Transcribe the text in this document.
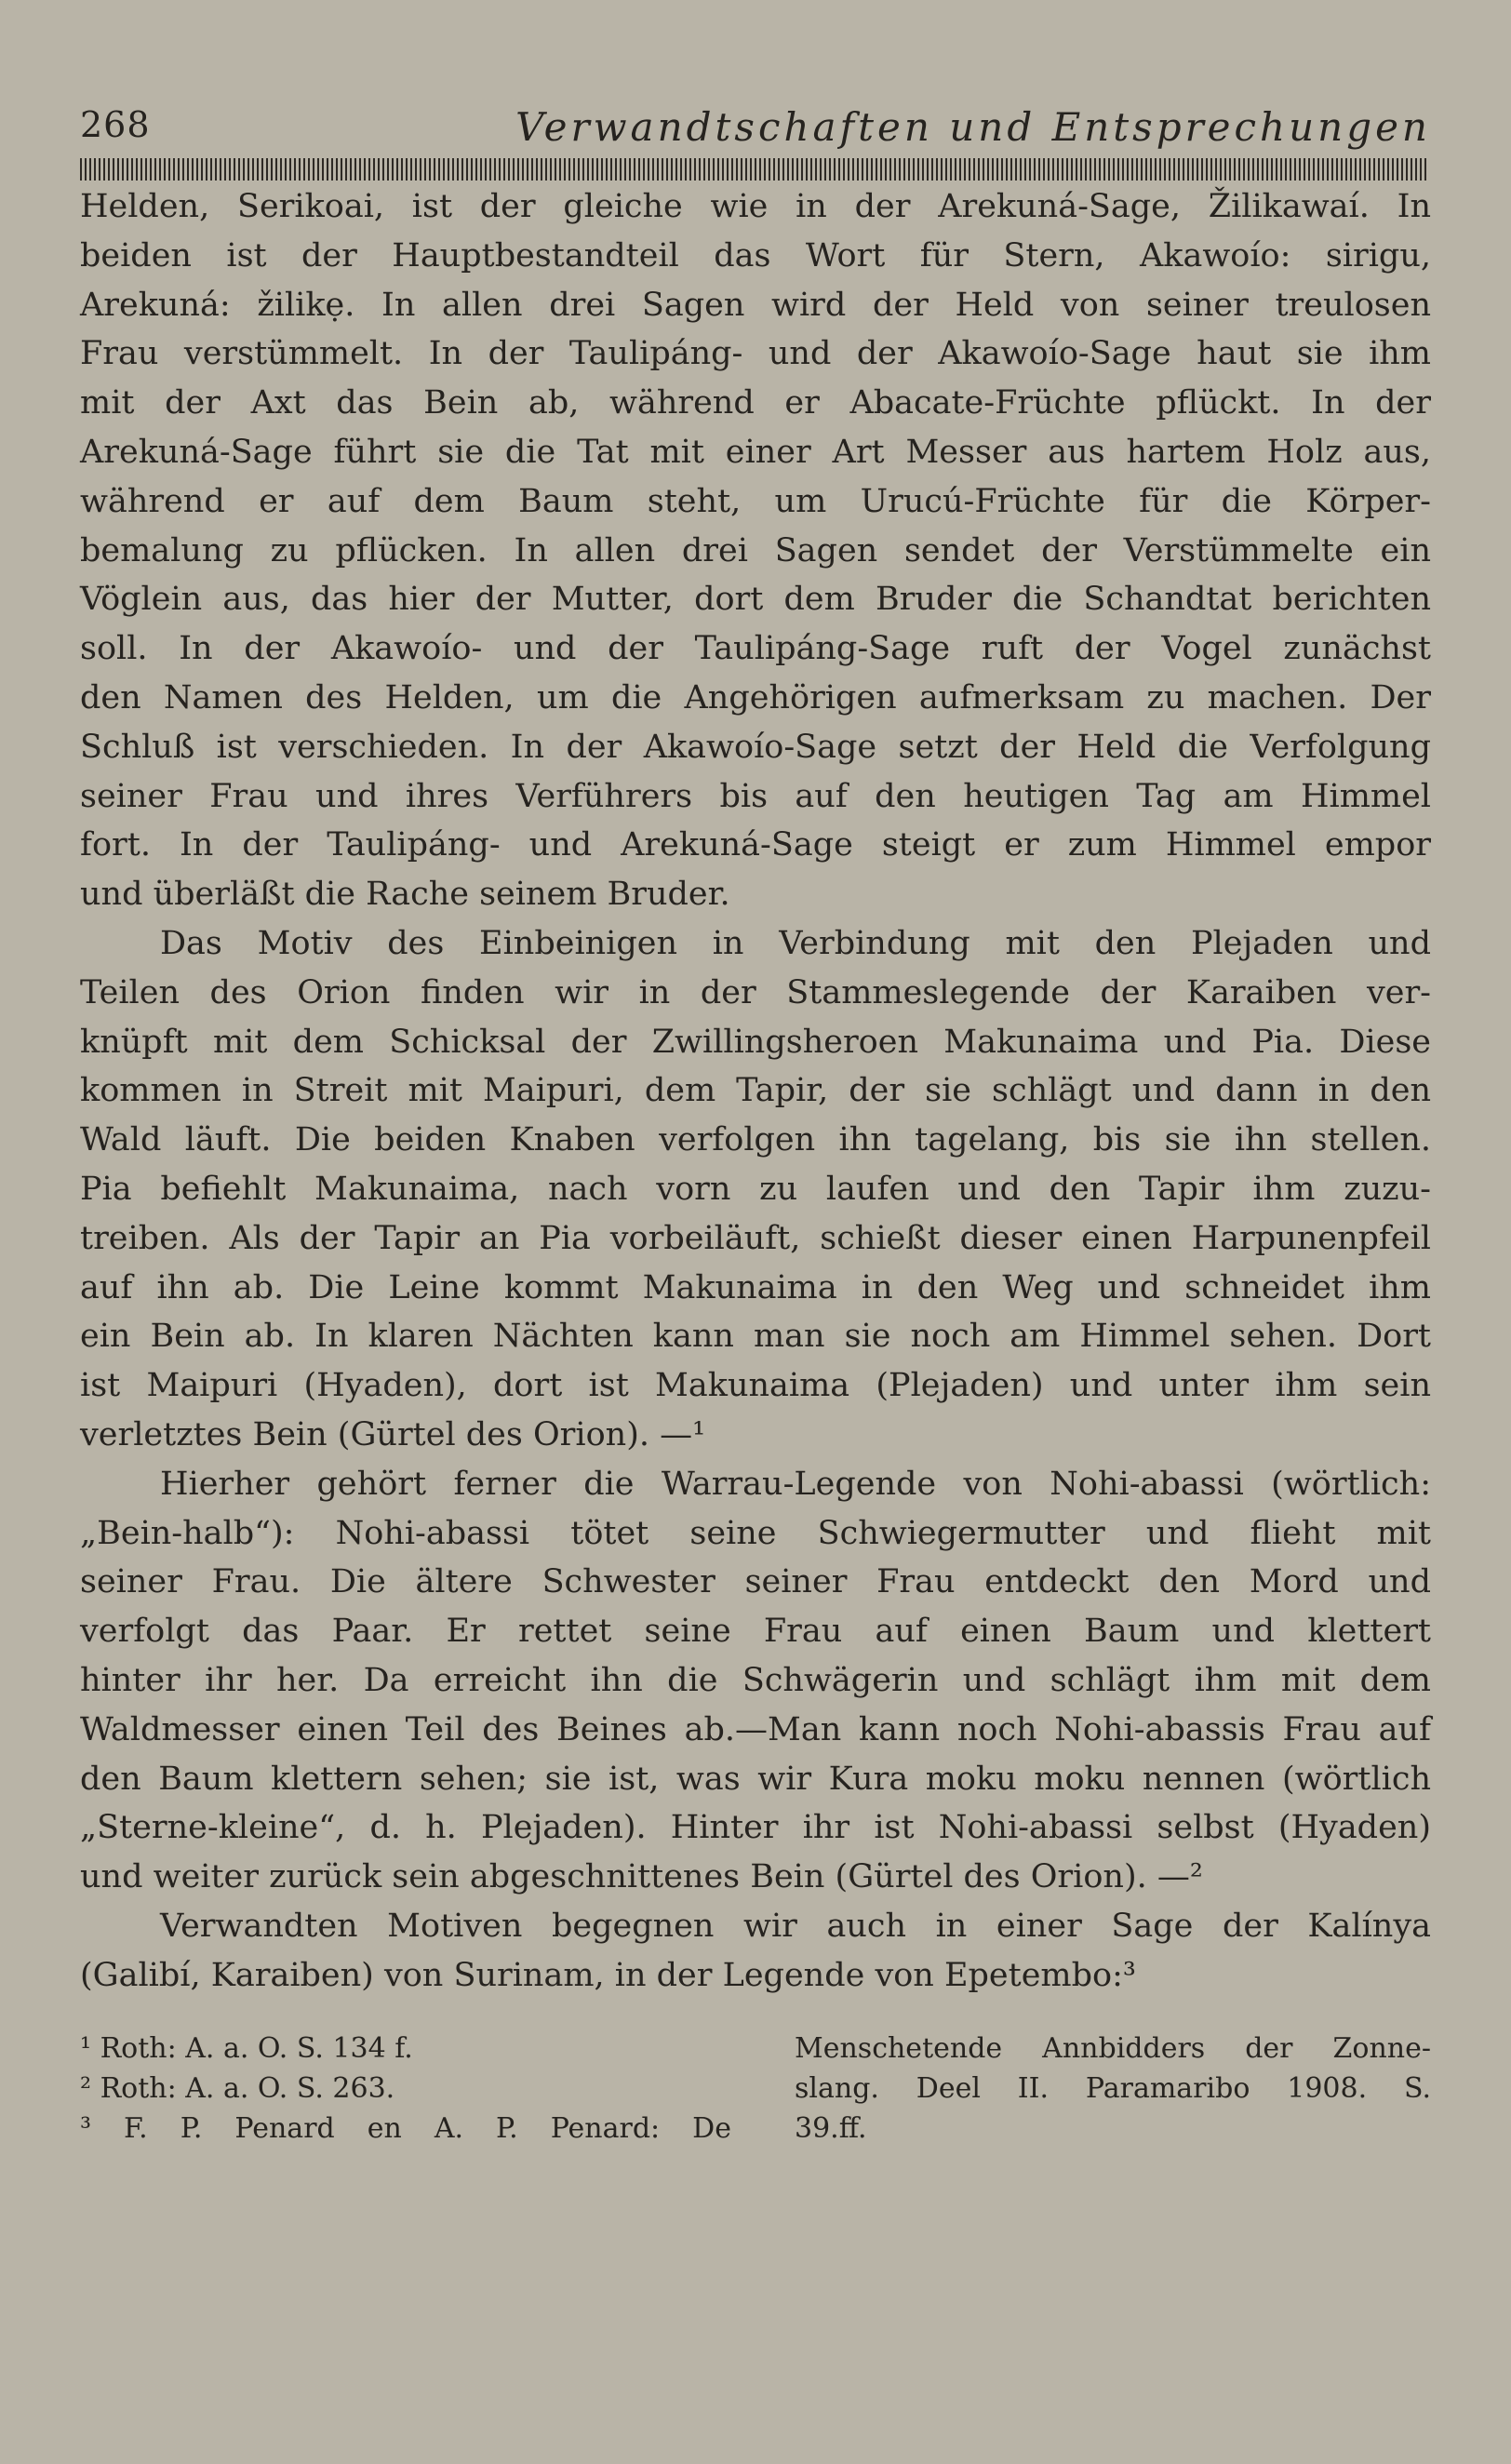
268	Verwandtschaften und Entsprechungen
Helden, Serikoai, ist der gleiche wie in der Arekuná-Sage, Žilikawaí. In
beiden ist der Hauptbestandteil das Wort für Stern, Akawoío: sirigu,
Arekuná: žilikẹ. In allen drei Sagen wird der Held von seiner treulosen
Frau verstümmelt. In der Taulipáng- und der Akawoío-Sage haut sie ihm
mit der Axt das Bein ab, während er Abacate-Früchte pflückt. In der
Arekuná-Sage führt sie die Tat mit einer Art Messer aus hartem Holz aus,
während er auf dem Baum steht, um Urucú-Früchte für die Körper-
bemalung zu pflücken. In allen drei Sagen sendet der Verstümmelte ein
Vöglein aus, das hier der Mutter, dort dem Bruder die Schandtat berichten
soll. In der Akawoío- und der Taulipáng-Sage ruft der Vogel zunächst
den Namen des Helden, um die Angehörigen aufmerksam zu machen. Der
Schluß ist verschieden. In der Akawoío-Sage setzt der Held die Verfolgung
seiner Frau und ihres Verführers bis auf den heutigen Tag am Himmel
fort. In der Taulipáng- und Arekuná-Sage steigt er zum Himmel empor
und überläßt die Rache seinem Bruder.
Das Motiv des Einbeinigen in Verbindung mit den Plejaden und
Teilen des Orion finden wir in der Stammeslegende der Karaiben ver-
knüpft mit dem Schicksal der Zwillingsheroen Makunaima und Pia. Diese
kommen in Streit mit Maipuri, dem Tapir, der sie schlägt und dann in den
Wald läuft. Die beiden Knaben verfolgen ihn tagelang, bis sie ihn stellen.
Pia befiehlt Makunaima, nach vorn zu laufen und den Tapir ihm zuzu-
treiben. Als der Tapir an Pia vorbeiläuft, schießt dieser einen Harpunenpfeil
auf ihn ab. Die Leine kommt Makunaima in den Weg und schneidet ihm
ein Bein ab. In klaren Nächten kann man sie noch am Himmel sehen. Dort
ist Maipuri (Hyaden), dort ist Makunaima (Plejaden) und unter ihm sein
verletztes Bein (Gürtel des Orion). —¹
Hierher gehört ferner die Warrau-Legende von Nohi-abassi (wörtlich:
„Bein-halb“): Nohi-abassi tötet seine Schwiegermutter und flieht mit
seiner Frau. Die ältere Schwester seiner Frau entdeckt den Mord und
verfolgt das Paar. Er rettet seine Frau auf einen Baum und klettert
hinter ihr her. Da erreicht ihn die Schwägerin und schlägt ihm mit dem
Waldmesser einen Teil des Beines ab.—Man kann noch Nohi-abassis Frau auf
den Baum klettern sehen; sie ist, was wir Kura moku moku nennen (wörtlich
„Sterne-kleine“, d. h. Plejaden). Hinter ihr ist Nohi-abassi selbst (Hyaden)
und weiter zurück sein abgeschnittenes Bein (Gürtel des Orion). —²
Verwandten Motiven begegnen wir auch in einer Sage der Kalínya
(Galibí, Karaiben) von Surinam, in der Legende von Epetembo:³
¹ Roth: A. a. O. S. 134 f.
² Roth: A. a. O. S. 263.
³ F. P. Penard en A. P. Penard: De
Menschetende Annbidders der Zonne-
slang. Deel II. Paramaribo 1908. S.
39.ff.
